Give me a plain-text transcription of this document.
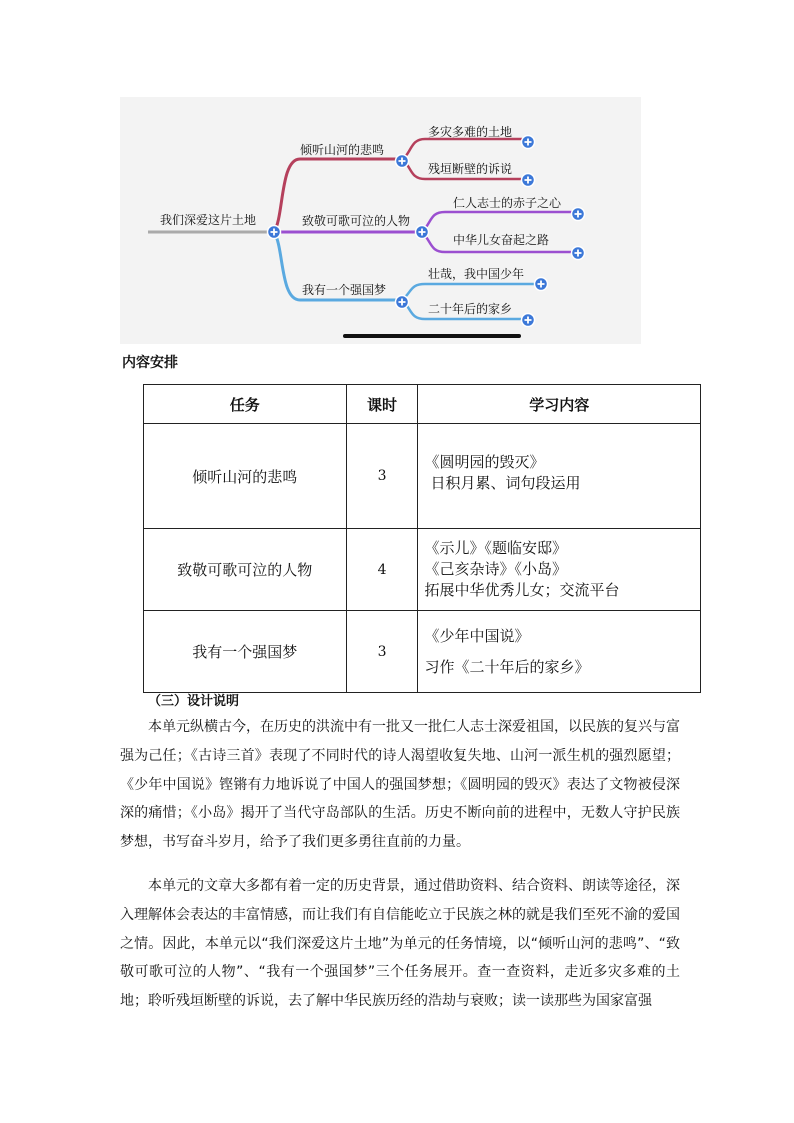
我们深爱这片土地
倾听山河的悲鸣
多灾多难的土地
残垣断壁的诉说
致敬可歌可泣的人物
仁人志士的赤子之心
中华儿女奋起之路
我有一个强国梦
壮哉，我中国少年
二十年后的家乡
内容安排
任务	课时	学习内容
倾听山河的悲鸣	3	《圆明园的毁灭》
日积月累、词句段运用

致敬可歌可泣的人物	4	《示儿》《题临安邸》
《己亥杂诗》《小岛》
拓展中华优秀儿女；交流平台

我有一个强国梦	3	《少年中国说》
习作《二十年后的家乡》
（三）设计说明

本单元纵横古今，在历史的洪流中有一批又一批仁人志士深爱祖国，以民族的复兴与富强为己任；《古诗三首》表现了不同时代的诗人渴望收复失地、山河一派生机的强烈愿望；《少年中国说》铿锵有力地诉说了中国人的强国梦想；《圆明园的毁灭》表达了文物被侵深深的痛惜；《小岛》揭开了当代守岛部队的生活。历史不断向前的进程中，无数人守护民族梦想，书写奋斗岁月，给予了我们更多勇往直前的力量。

本单元的文章大多都有着一定的历史背景，通过借助资料、结合资料、朗读等途径，深入理解体会表达的丰富情感，而让我们有自信能屹立于民族之林的就是我们至死不渝的爱国之情。因此，本单元以“我们深爱这片土地”为单元的任务情境，以“倾听山河的悲鸣”、“致敬可歌可泣的人物”、“我有一个强国梦”三个任务展开。查一查资料，走近多灾多难的土地；聆听残垣断壁的诉说，去了解中华民族历经的浩劫与衰败；读一读那些为国家富强
